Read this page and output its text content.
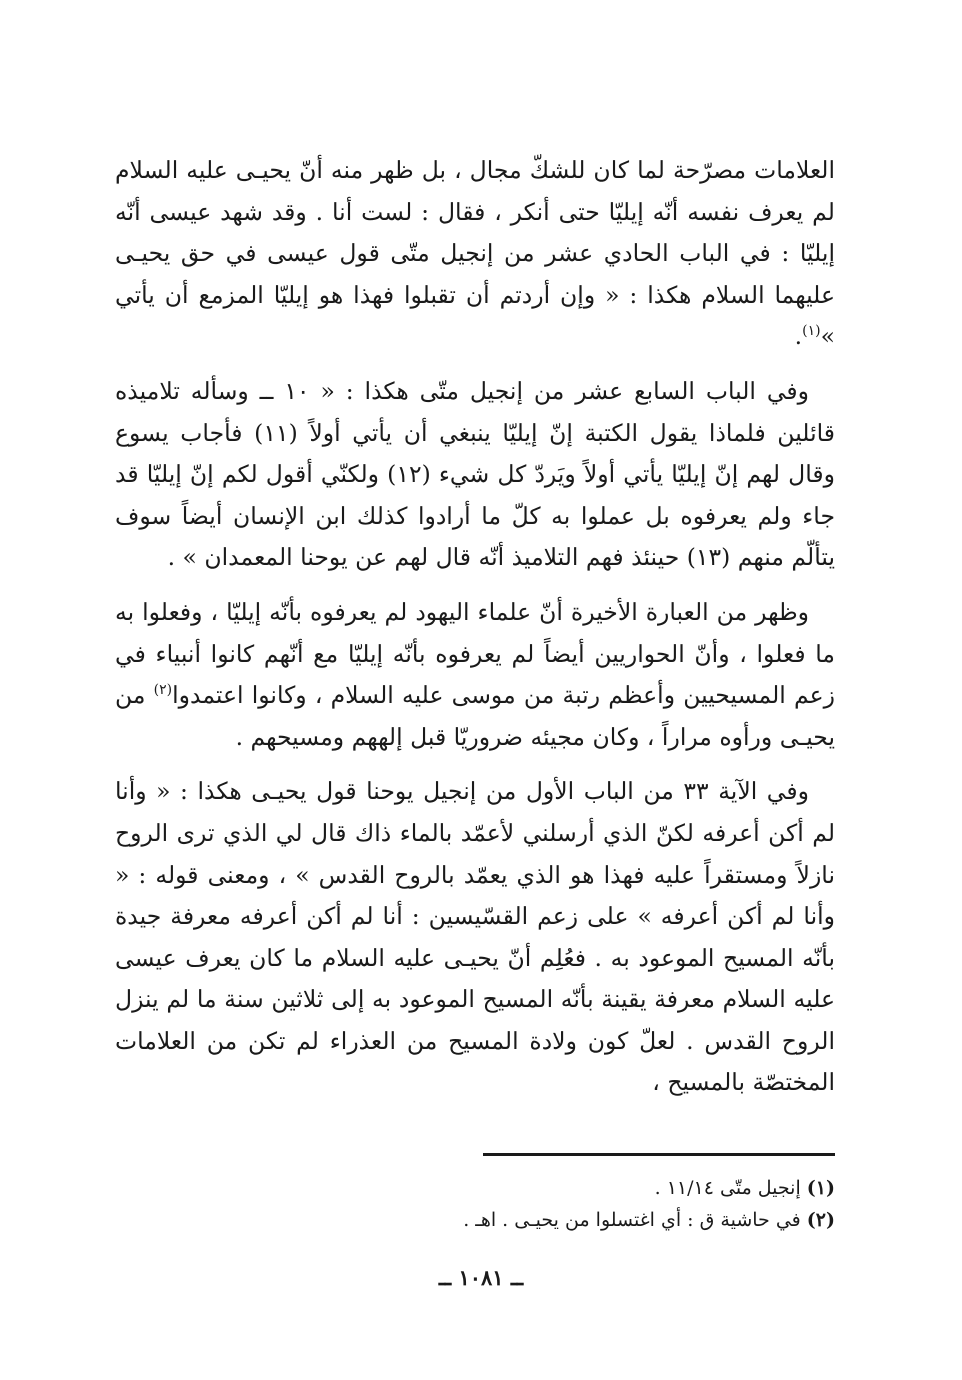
العلامات مصرّحة لما كان للشكّ مجال ، بل ظهر منه أنّ يحيـى عليه السلام لم يعرف نفسه أنّه إيليّا حتى أنكر ، فقال : لست أنا . وقد شهد عيسى أنّه إيليّا : في الباب الحادي عشر من إنجيل متّى قول عيسى في حق يحيـى عليهما السلام هكذا : « وإن أردتم أن تقبلوا فهذا هو إيليّا المزمع أن يأتي »$^{(١)}$.

وفي الباب السابع عشر من إنجيل متّى هكذا : « ١٠ ــ وسأله تلاميذه قائلين فلماذا يقول الكتبة إنّ إيليّا ينبغي أن يأتي أولاً (١١) فأجاب يسوع وقال لهم إنّ إيليّا يأتي أولاً ويَردّ كل شيء (١٢) ولكنّي أقول لكم إنّ إيليّا قد جاء ولم يعرفوه بل عملوا به كلّ ما أرادوا كذلك ابن الإنسان أيضاً سوف يتألّم منهم (١٣) حينئذ فهم التلاميذ أنّه قال لهم عن يوحنا المعمدان » .

وظهر من العبارة الأخيرة أنّ علماء اليهود لم يعرفوه بأنّه إيليّا ، وفعلوا به ما فعلوا ، وأنّ الحواريين أيضاً لم يعرفوه بأنّه إيليّا مع أنّهم كانوا أنبياء في زعم المسيحيين وأعظم رتبة من موسى عليه السلام ، وكانوا اعتمدوا$^{(٢)}$ من يحيـى ورأوه مراراً ، وكان مجيئه ضروريّا قبل إلههم ومسيحهم .

وفي الآية ٣٣ من الباب الأول من إنجيل يوحنا قول يحيـى هكذا : « وأنا لم أكن أعرفه لكنّ الذي أرسلني لأعمّد بالماء ذاك قال لي الذي ترى الروح نازلاً ومستقراً عليه فهذا هو الذي يعمّد بالروح القدس » ، ومعنى قوله : « وأنا لم أكن أعرفه » على زعم القسّيسين : أنا لم أكن أعرفه معرفة جيدة بأنّه المسيح الموعود به . فعُلِم أنّ يحيـى عليه السلام ما كان يعرف عيسى عليه السلام معرفة يقينة بأنّه المسيح الموعود به إلى ثلاثين سنة ما لم ينزل الروح القدس . لعلّ كون ولادة المسيح من العذراء لم تكن من العلامات المختصّة بالمسيح ،

(١) إنجيل متّى ١١/١٤ .

(٢) في حاشية ق : أي اغتسلوا من يحيـى . اهـ .

ــ ١٠٨١ ــ
